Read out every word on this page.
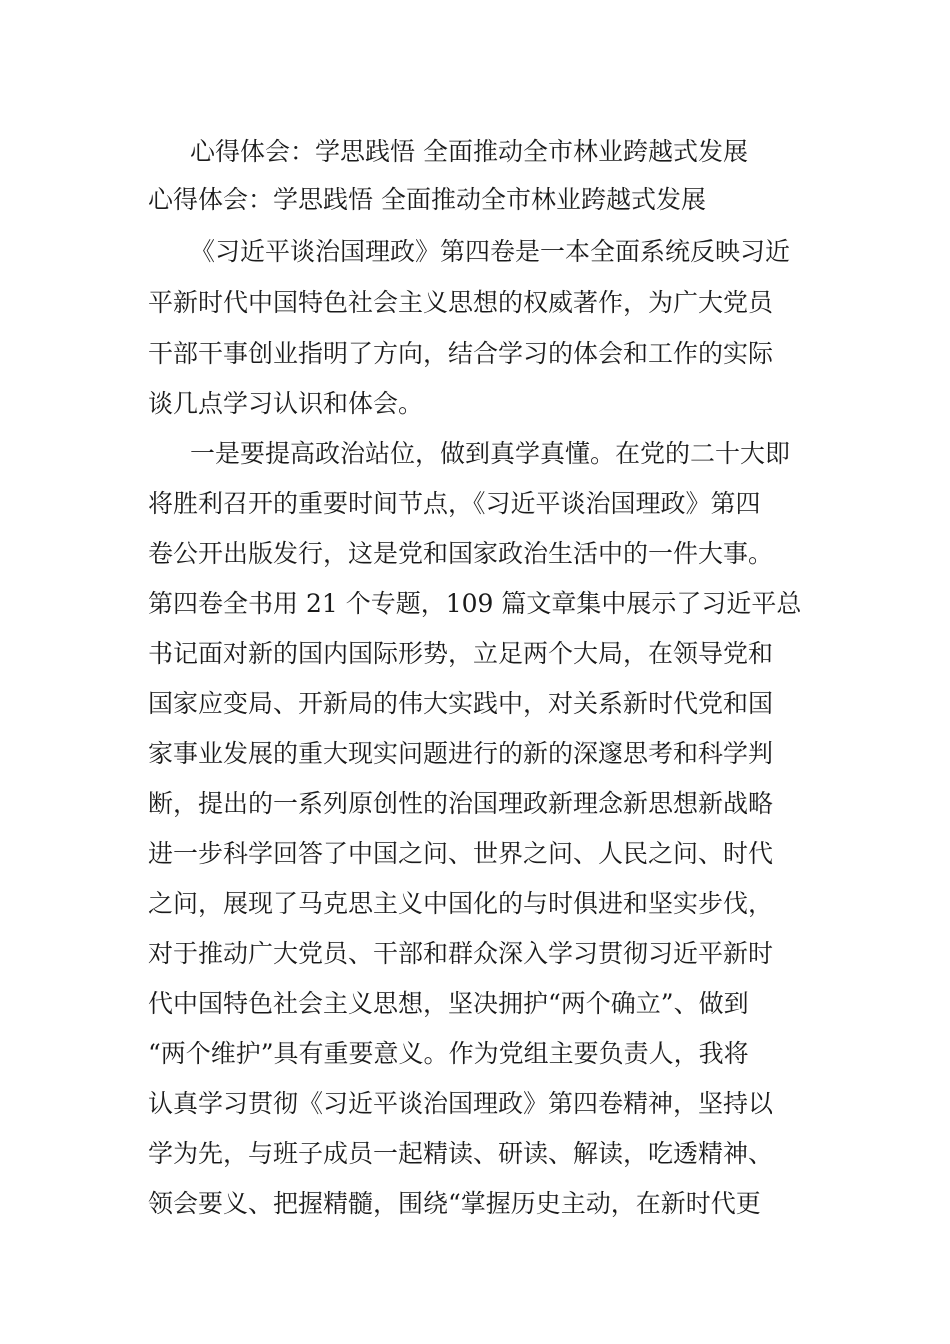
心得体会：学思践悟 全面推动全市林业跨越式发展
心得体会：学思践悟 全面推动全市林业跨越式发展
《习近平谈治国理政》第四卷是一本全面系统反映习近
平新时代中国特色社会主义思想的权威著作，为广大党员
干部干事创业指明了方向，结合学习的体会和工作的实际
谈几点学习认识和体会。
一是要提高政治站位，做到真学真懂。在党的二十大即
将胜利召开的重要时间节点，《习近平谈治国理政》第四
卷公开出版发行，这是党和国家政治生活中的一件大事。
第四卷全书用 21 个专题，109 篇文章集中展示了习近平总
书记面对新的国内国际形势，立足两个大局，在领导党和
国家应变局、开新局的伟大实践中，对关系新时代党和国
家事业发展的重大现实问题进行的新的深邃思考和科学判
断，提出的一系列原创性的治国理政新理念新思想新战略
进一步科学回答了中国之问、世界之问、人民之问、时代
之问，展现了马克思主义中国化的与时俱进和坚实步伐，
对于推动广大党员、干部和群众深入学习贯彻习近平新时
代中国特色社会主义思想，坚决拥护“两个确立”、做到
“两个维护”具有重要意义。作为党组主要负责人，我将
认真学习贯彻《习近平谈治国理政》第四卷精神，坚持以
学为先，与班子成员一起精读、研读、解读，吃透精神、
领会要义、把握精髓，围绕“掌握历史主动，在新时代更
